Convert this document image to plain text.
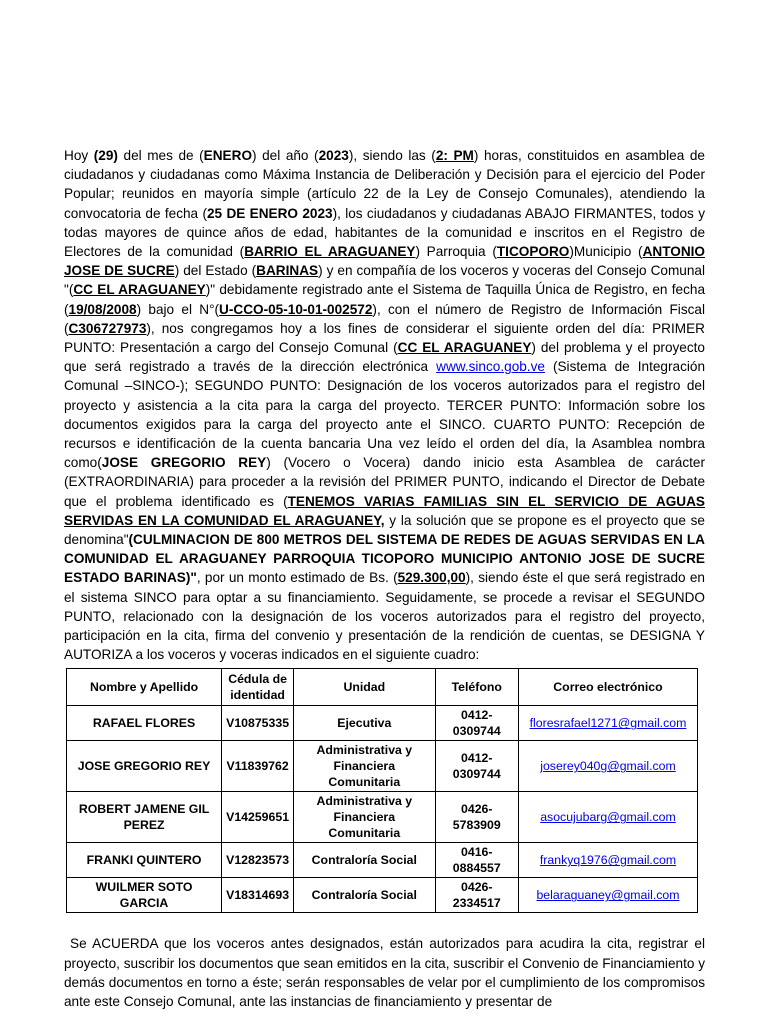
Hoy (29) del mes de (ENERO) del año (2023), siendo las (2: PM) horas, constituidos en asamblea de ciudadanos y ciudadanas como Máxima Instancia de Deliberación y Decisión para el ejercicio del Poder Popular; reunidos en mayoría simple (artículo 22 de la Ley de Consejo Comunales), atendiendo la convocatoria de fecha (25 DE ENERO 2023), los ciudadanos y ciudadanas ABAJO FIRMANTES, todos y todas mayores de quince años de edad, habitantes de la comunidad e inscritos en el Registro de Electores de la comunidad (BARRIO EL ARAGUANEY) Parroquia (TICOPORO)Municipio (ANTONIO JOSE DE SUCRE) del Estado (BARINAS) y en compañía de los voceros y voceras del Consejo Comunal "(CC EL ARAGUANEY)" debidamente registrado ante el Sistema de Taquilla Única de Registro, en fecha (19/08/2008) bajo el N°(U-CCO-05-10-01-002572), con el número de Registro de Información Fiscal (C306727973), nos congregamos hoy a los fines de considerar el siguiente orden del día: PRIMER PUNTO: Presentación a cargo del Consejo Comunal (CC EL ARAGUANEY) del problema y el proyecto que será registrado a través de la dirección electrónica www.sinco.gob.ve (Sistema de Integración Comunal –SINCO-); SEGUNDO PUNTO: Designación de los voceros autorizados para el registro del proyecto y asistencia a la cita para la carga del proyecto. TERCER PUNTO: Información sobre los documentos exigidos para la carga del proyecto ante el SINCO. CUARTO PUNTO: Recepción de recursos e identificación de la cuenta bancaria Una vez leído el orden del día, la Asamblea nombra como(JOSE GREGORIO REY) (Vocero o Vocera) dando inicio esta Asamblea de carácter (EXTRAORDINARIA) para proceder a la revisión del PRIMER PUNTO, indicando el Director de Debate que el problema identificado es (TENEMOS VARIAS FAMILIAS SIN EL SERVICIO DE AGUAS SERVIDAS EN LA COMUNIDAD EL ARAGUANEY, y la solución que se propone es el proyecto que se denomina"(CULMINACION DE 800 METROS DEL SISTEMA DE REDES DE AGUAS SERVIDAS EN LA COMUNIDAD EL ARAGUANEY PARROQUIA TICOPORO MUNICIPIO ANTONIO JOSE DE SUCRE ESTADO BARINAS)", por un monto estimado de Bs. (529.300,00), siendo éste el que será registrado en el sistema SINCO para optar a su financiamiento. Seguidamente, se procede a revisar el SEGUNDO PUNTO, relacionado con la designación de los voceros autorizados para el registro del proyecto, participación en la cita, firma del convenio y presentación de la rendición de cuentas, se DESIGNA Y AUTORIZA a los voceros y voceras indicados en el siguiente cuadro:

Nombre y Apellido	Cédula de identidad	Unidad	Teléfono	Correo electrónico
RAFAEL FLORES	V10875335	Ejecutiva	0412-0309744	floresrafael1271@gmail.com
JOSE GREGORIO REY	V11839762	Administrativa y Financiera Comunitaria	0412-0309744	joserey040g@gmail.com
ROBERT JAMENE GIL PEREZ	V14259651	Administrativa y Financiera Comunitaria	0426-5783909	asocujubarg@gmail.com
FRANKI QUINTERO	V12823573	Contraloría Social	0416-0884557	frankyq1976@gmail.com
WUILMER SOTO GARCIA	V18314693	Contraloría Social	0426-2334517	belaraguaney@gmail.com

Se ACUERDA que los voceros antes designados, están autorizados para acudira la cita, registrar el proyecto, suscribir los documentos que sean emitidos en la cita, suscribir el Convenio de Financiamiento y demás documentos en torno a éste; serán responsables de velar por el cumplimiento de los compromisos ante este Consejo Comunal, ante las instancias de financiamiento y presentar de
